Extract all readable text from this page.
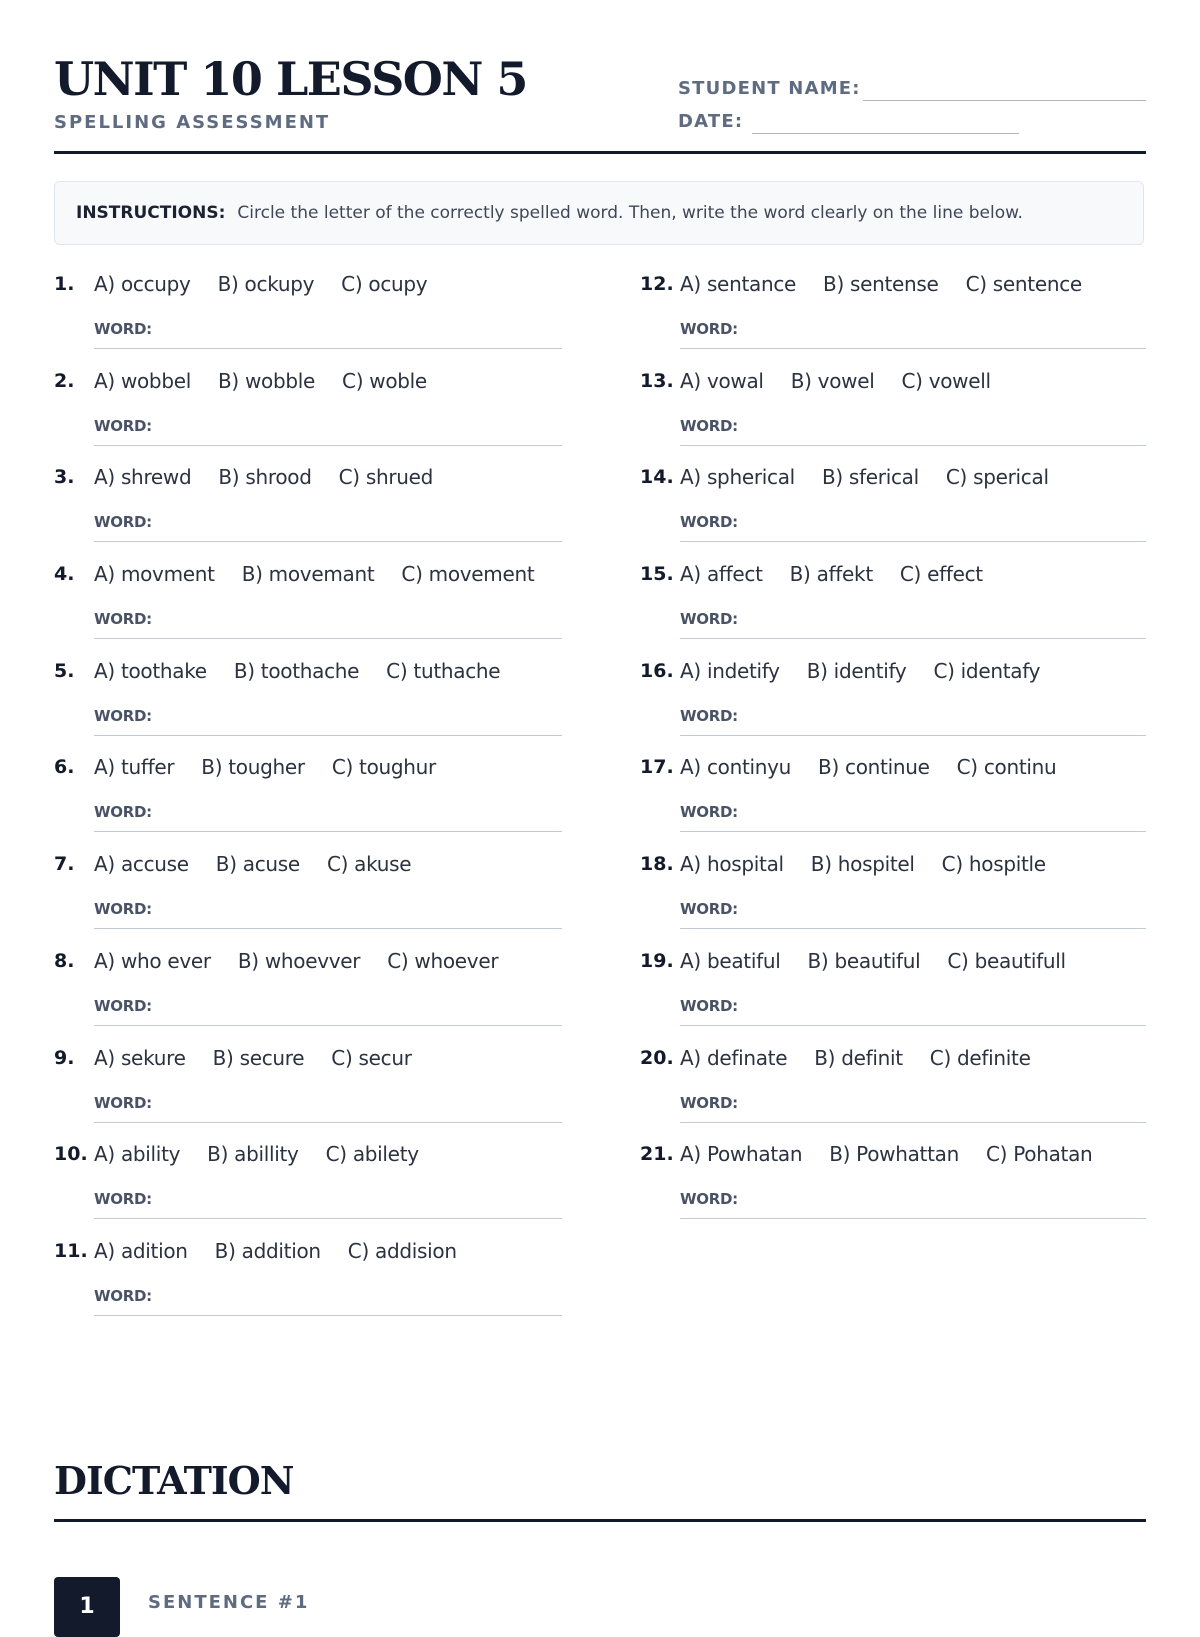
UNIT 10 LESSON 5
SPELLING ASSESSMENT
STUDENT NAME:
DATE:
INSTRUCTIONS: Circle the letter of the correctly spelled word. Then, write the word clearly on the line below.
1. A) occupy B) ockupy C) ocupy
WORD:
2. A) wobbel B) wobble C) woble
WORD:
3. A) shrewd B) shrood C) shrued
WORD:
4. A) movment B) movemant C) movement
WORD:
5. A) toothake B) toothache C) tuthache
WORD:
6. A) tuffer B) tougher C) toughur
WORD:
7. A) accuse B) acuse C) akuse
WORD:
8. A) who ever B) whoevver C) whoever
WORD:
9. A) sekure B) secure C) secur
WORD:
10. A) ability B) abillity C) abilety
WORD:
11. A) adition B) addition C) addision
WORD:
12. A) sentance B) sentense C) sentence
WORD:
13. A) vowal B) vowel C) vowell
WORD:
14. A) spherical B) sferical C) sperical
WORD:
15. A) affect B) affekt C) effect
WORD:
16. A) indetify B) identify C) identafy
WORD:
17. A) continyu B) continue C) continu
WORD:
18. A) hospital B) hospitel C) hospitle
WORD:
19. A) beatiful B) beautiful C) beautifull
WORD:
20. A) definate B) definit C) definite
WORD:
21. A) Powhatan B) Powhattan C) Pohatan
WORD:
DICTATION
1	SENTENCE #1
